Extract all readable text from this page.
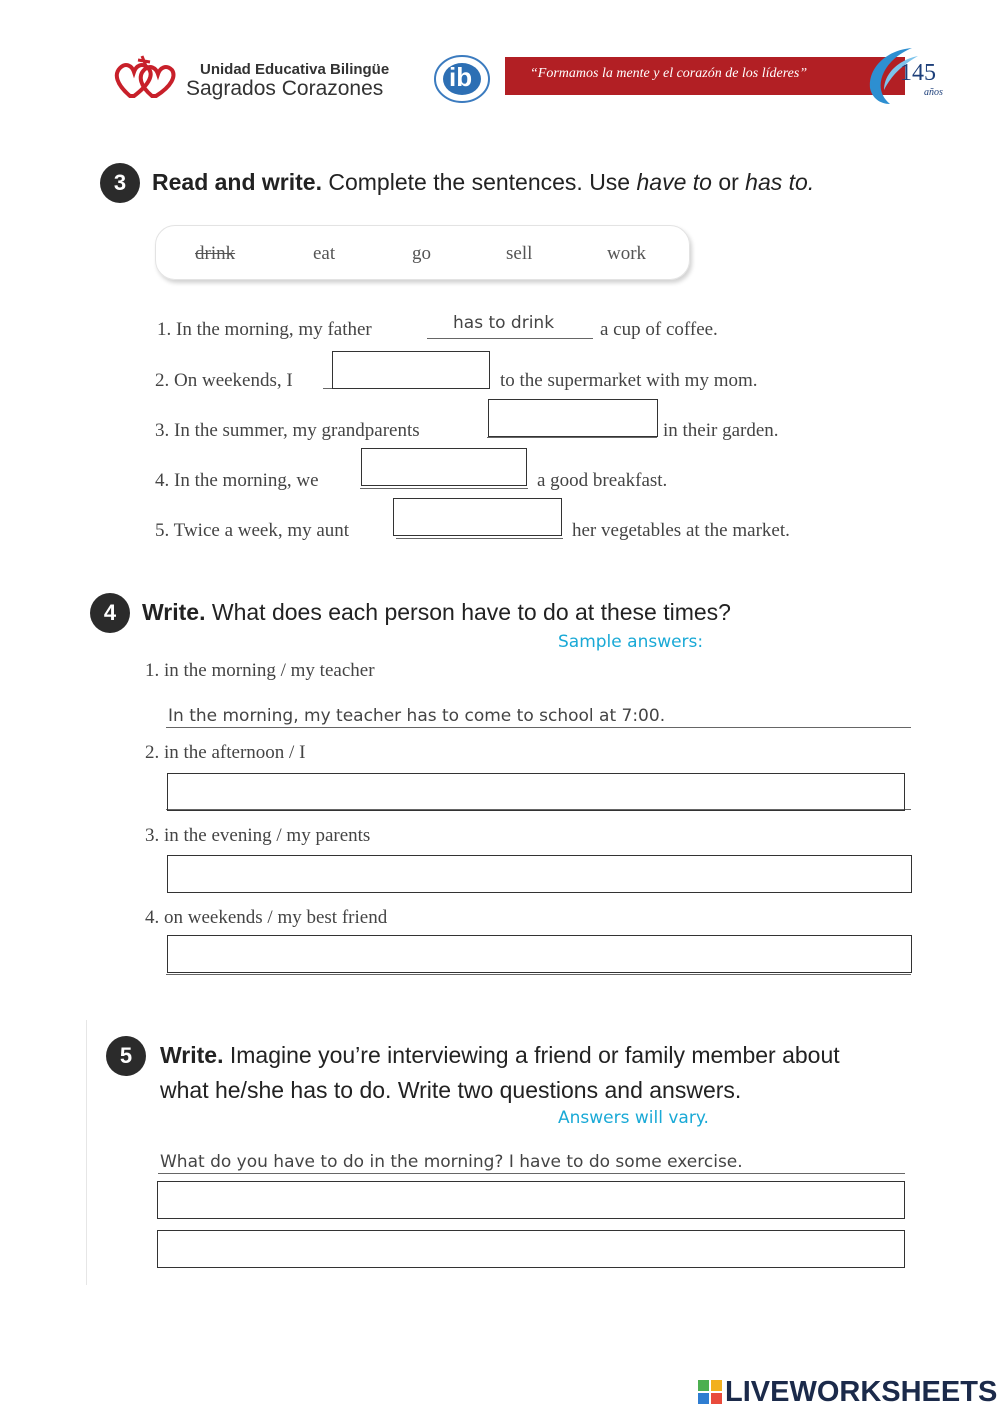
Unidad Educativa Bilingüe
Sagrados Corazones	ib	“Formamos la mente y el corazón de los líderes”	145
años
3	Read and write. Complete the sentences. Use have to or has to.
drink	eat	go	sell	work
1. In the morning, my father	has to drink a cup of coffee.
2. On weekends, I	to the supermarket with my mom.
3. In the summer, my grandparents	in their garden.
4. In the morning, we	a good breakfast.
5. Twice a week, my aunt	her vegetables at the market.
4	Write. What does each person have to do at these times?
Sample answers:
1. in the morning / my teacher
In the morning, my teacher has to come to school at 7:00.
2. in the afternoon / I
3. in the evening / my parents
4. on weekends / my best friend
5	Write. Imagine you’re interviewing a friend or family member about
what he/she has to do. Write two questions and answers.
Answers will vary.
What do you have to do in the morning? I have to do some exercise.
LIVEWORKSHEETS
